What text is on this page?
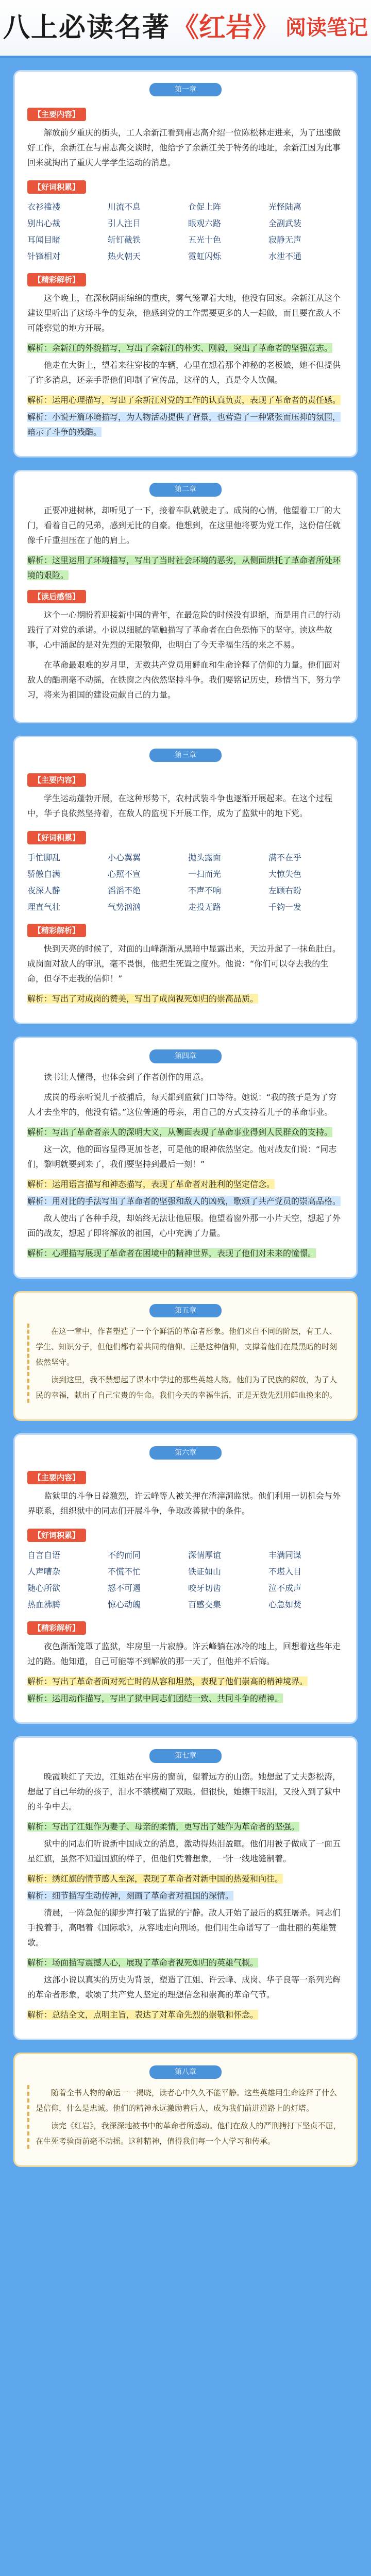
八上必读名著 《红岩》 阅读笔记
第一章
【主要内容】

解放前夕重庆的街头，工人余新江看到甫志高介绍一位陈松林走进来，为了迅速做好工作，余新江在与甫志高交谈时，他给予了余新江关于特务的地址，余新江因为此事回来就掏出了重庆大学学生运动的消息。

【好词积累】
衣衫褴褛	川流不息	仓促上阵	光怪陆离
别出心裁	引人注目	眼观六路	全副武装
耳闻目睹	斩钉截铁	五光十色	寂静无声
针锋相对	热火朝天	霓虹闪烁	水泄不通
【精彩解析】

这个晚上，在深秋阴雨绵绵的重庆，雾气笼罩着大地，他没有回家。余新江从这个建议里听出了这场斗争的复杂，他感到党的工作需要更多的人一起做，而且要在敌人不可能察觉的地方开展。

解析：余新江的外貌描写，写出了余新江的朴实、刚毅，突出了革命者的坚强意志。

他走在大街上，望着来往穿梭的车辆，心里在想着那个神秘的老板娘，她不但提供了许多消息，还亲手帮他们印制了宣传品，这样的人，真是令人钦佩。

解析：运用心理描写，写出了余新江对党的工作的认真负责，表现了革命者的责任感。

解析：小说开篇环境描写，为人物活动提供了背景，也营造了一种紧张而压抑的氛围，暗示了斗争的残酷。

第二章

正要冲进树林，却听见了一下，接着车队就驶走了。成岗的心情，他望着工厂的大门，看着自己的兄弟，感到无比的自豪。他想到，在这里他将要为党工作，这份信任就像千斤重担压在了他的肩上。

解析：这里运用了环境描写，写出了当时社会环境的恶劣，从侧面烘托了革命者所处环境的艰险。

【读后感悟】

这个一心期盼着迎接新中国的青年，在最危险的时候没有退缩，而是用自己的行动践行了对党的承诺。小说以细腻的笔触描写了革命者在白色恐怖下的坚守。读这些故事，心中涌起的是对先烈的无限敬仰，也明白了今天幸福生活的来之不易。

在革命最艰难的岁月里，无数共产党员用鲜血和生命诠释了信仰的力量。他们面对敌人的酷刑毫不动摇，在铁窗之内依然坚持斗争。我们要铭记历史，珍惜当下，努力学习，将来为祖国的建设贡献自己的力量。

第三章
【主要内容】

学生运动蓬勃开展，在这种形势下，农村武装斗争也逐渐开展起来。在这个过程中，华子良依然坚持着，在敌人的监视下开展工作，成为了监狱中的地下党。

【好词积累】
手忙脚乱	小心翼翼	抛头露面	满不在乎
骄傲自满	心照不宣	一扫而光	大惊失色
夜深人静	滔滔不绝	不声不响	左顾右盼
理直气壮	气势汹汹	走投无路	千钧一发
【精彩解析】

快到天亮的时候了，对面的山峰渐渐从黑暗中显露出来，天边升起了一抹鱼肚白。成岗面对敌人的审讯，毫不畏惧，他把生死置之度外。他说：“你们可以夺去我的生命，但夺不走我的信仰！”

解析：写出了对成岗的赞美，写出了成岗视死如归的崇高品质。

第四章

读书让人懂得，也体会到了作者创作的用意。

成岗的母亲听说儿子被捕后，每天都到监狱门口等待。她说：“我的孩子是为了穷人才去坐牢的，他没有错。”这位普通的母亲，用自己的方式支持着儿子的革命事业。

解析：写出了革命者亲人的深明大义，从侧面表现了革命事业得到人民群众的支持。

这一次，他的面容显得更加苍老，可是他的眼神依然坚定。他对战友们说：“同志们，黎明就要到来了，我们要坚持到最后一刻！”

解析：运用语言描写和神态描写，表现了革命者对胜利的坚定信念。

解析：用对比的手法写出了革命者的坚强和敌人的凶残，歌颂了共产党员的崇高品格。

敌人使出了各种手段，却始终无法让他屈服。他望着窗外那一小片天空，想起了外面的战友，想起了即将解放的祖国，心中充满了力量。

解析：心理描写展现了革命者在困境中的精神世界，表现了他们对未来的憧憬。

第五章

在这一章中，作者塑造了一个个鲜活的革命者形象。他们来自不同的阶层，有工人、学生、知识分子，但他们都有着共同的信仰。正是这种信仰，支撑着他们在最黑暗的时刻依然坚守。

读到这里，我不禁想起了课本中学过的那些英雄人物。他们为了民族的解放，为了人民的幸福，献出了自己宝贵的生命。我们今天的幸福生活，正是无数先烈用鲜血换来的。

第六章
【主要内容】

监狱里的斗争日益激烈，许云峰等人被关押在渣滓洞监狱。他们利用一切机会与外界联系，组织狱中的同志们开展斗争，争取改善狱中的条件。

【好词积累】
自言自语	不约而同	深情厚谊	丰满同谋
人声嘈杂	不慌不忙	铁证如山	不堪入目
随心所欲	怒不可遏	咬牙切齿	泣不成声
热血沸腾	惊心动魄	百感交集	心急如焚
【精彩解析】

夜色渐渐笼罩了监狱，牢房里一片寂静。许云峰躺在冰冷的地上，回想着这些年走过的路。他知道，自己可能等不到解放的那一天了，但他并不后悔。

解析：写出了革命者面对死亡时的从容和坦然，表现了他们崇高的精神境界。

解析：运用动作描写，写出了狱中同志们团结一致、共同斗争的精神。

第七章

晚霞映红了天边，江姐站在牢房的窗前，望着远方的山峦。她想起了丈夫彭松涛，想起了自己年幼的孩子，泪水不禁模糊了双眼。但很快，她擦干眼泪，又投入到了狱中的斗争中去。

解析：写出了江姐作为妻子、母亲的柔情，更写出了她作为革命者的坚强。

狱中的同志们听说新中国成立的消息，激动得热泪盈眶。他们用被子做成了一面五星红旗，虽然不知道国旗的样子，但他们凭着想象，一针一线地缝制着。

解析：绣红旗的情节感人至深，表现了革命者对新中国的热爱和向往。

解析：细节描写生动传神，刻画了革命者对祖国的深情。

清晨，一阵急促的脚步声打破了监狱的宁静。敌人开始了最后的疯狂屠杀。同志们手挽着手，高唱着《国际歌》，从容地走向刑场。他们用生命谱写了一曲壮丽的英雄赞歌。

解析：场面描写震撼人心，展现了革命者视死如归的英雄气概。

这部小说以真实的历史为背景，塑造了江姐、许云峰、成岗、华子良等一系列光辉的革命者形象，歌颂了共产党人坚定的理想信念和崇高的革命气节。

解析：总结全文，点明主旨，表达了对革命先烈的崇敬和怀念。

第八章

随着全书人物的命运一一揭晓，读者心中久久不能平静。这些英雄用生命诠释了什么是信仰，什么是忠诚。他们的精神永远激励着后人，成为我们前进道路上的灯塔。

读完《红岩》，我深深地被书中的革命者所感动。他们在敌人的严刑拷打下坚贞不屈，在生死考验面前毫不动摇。这种精神，值得我们每一个人学习和传承。
